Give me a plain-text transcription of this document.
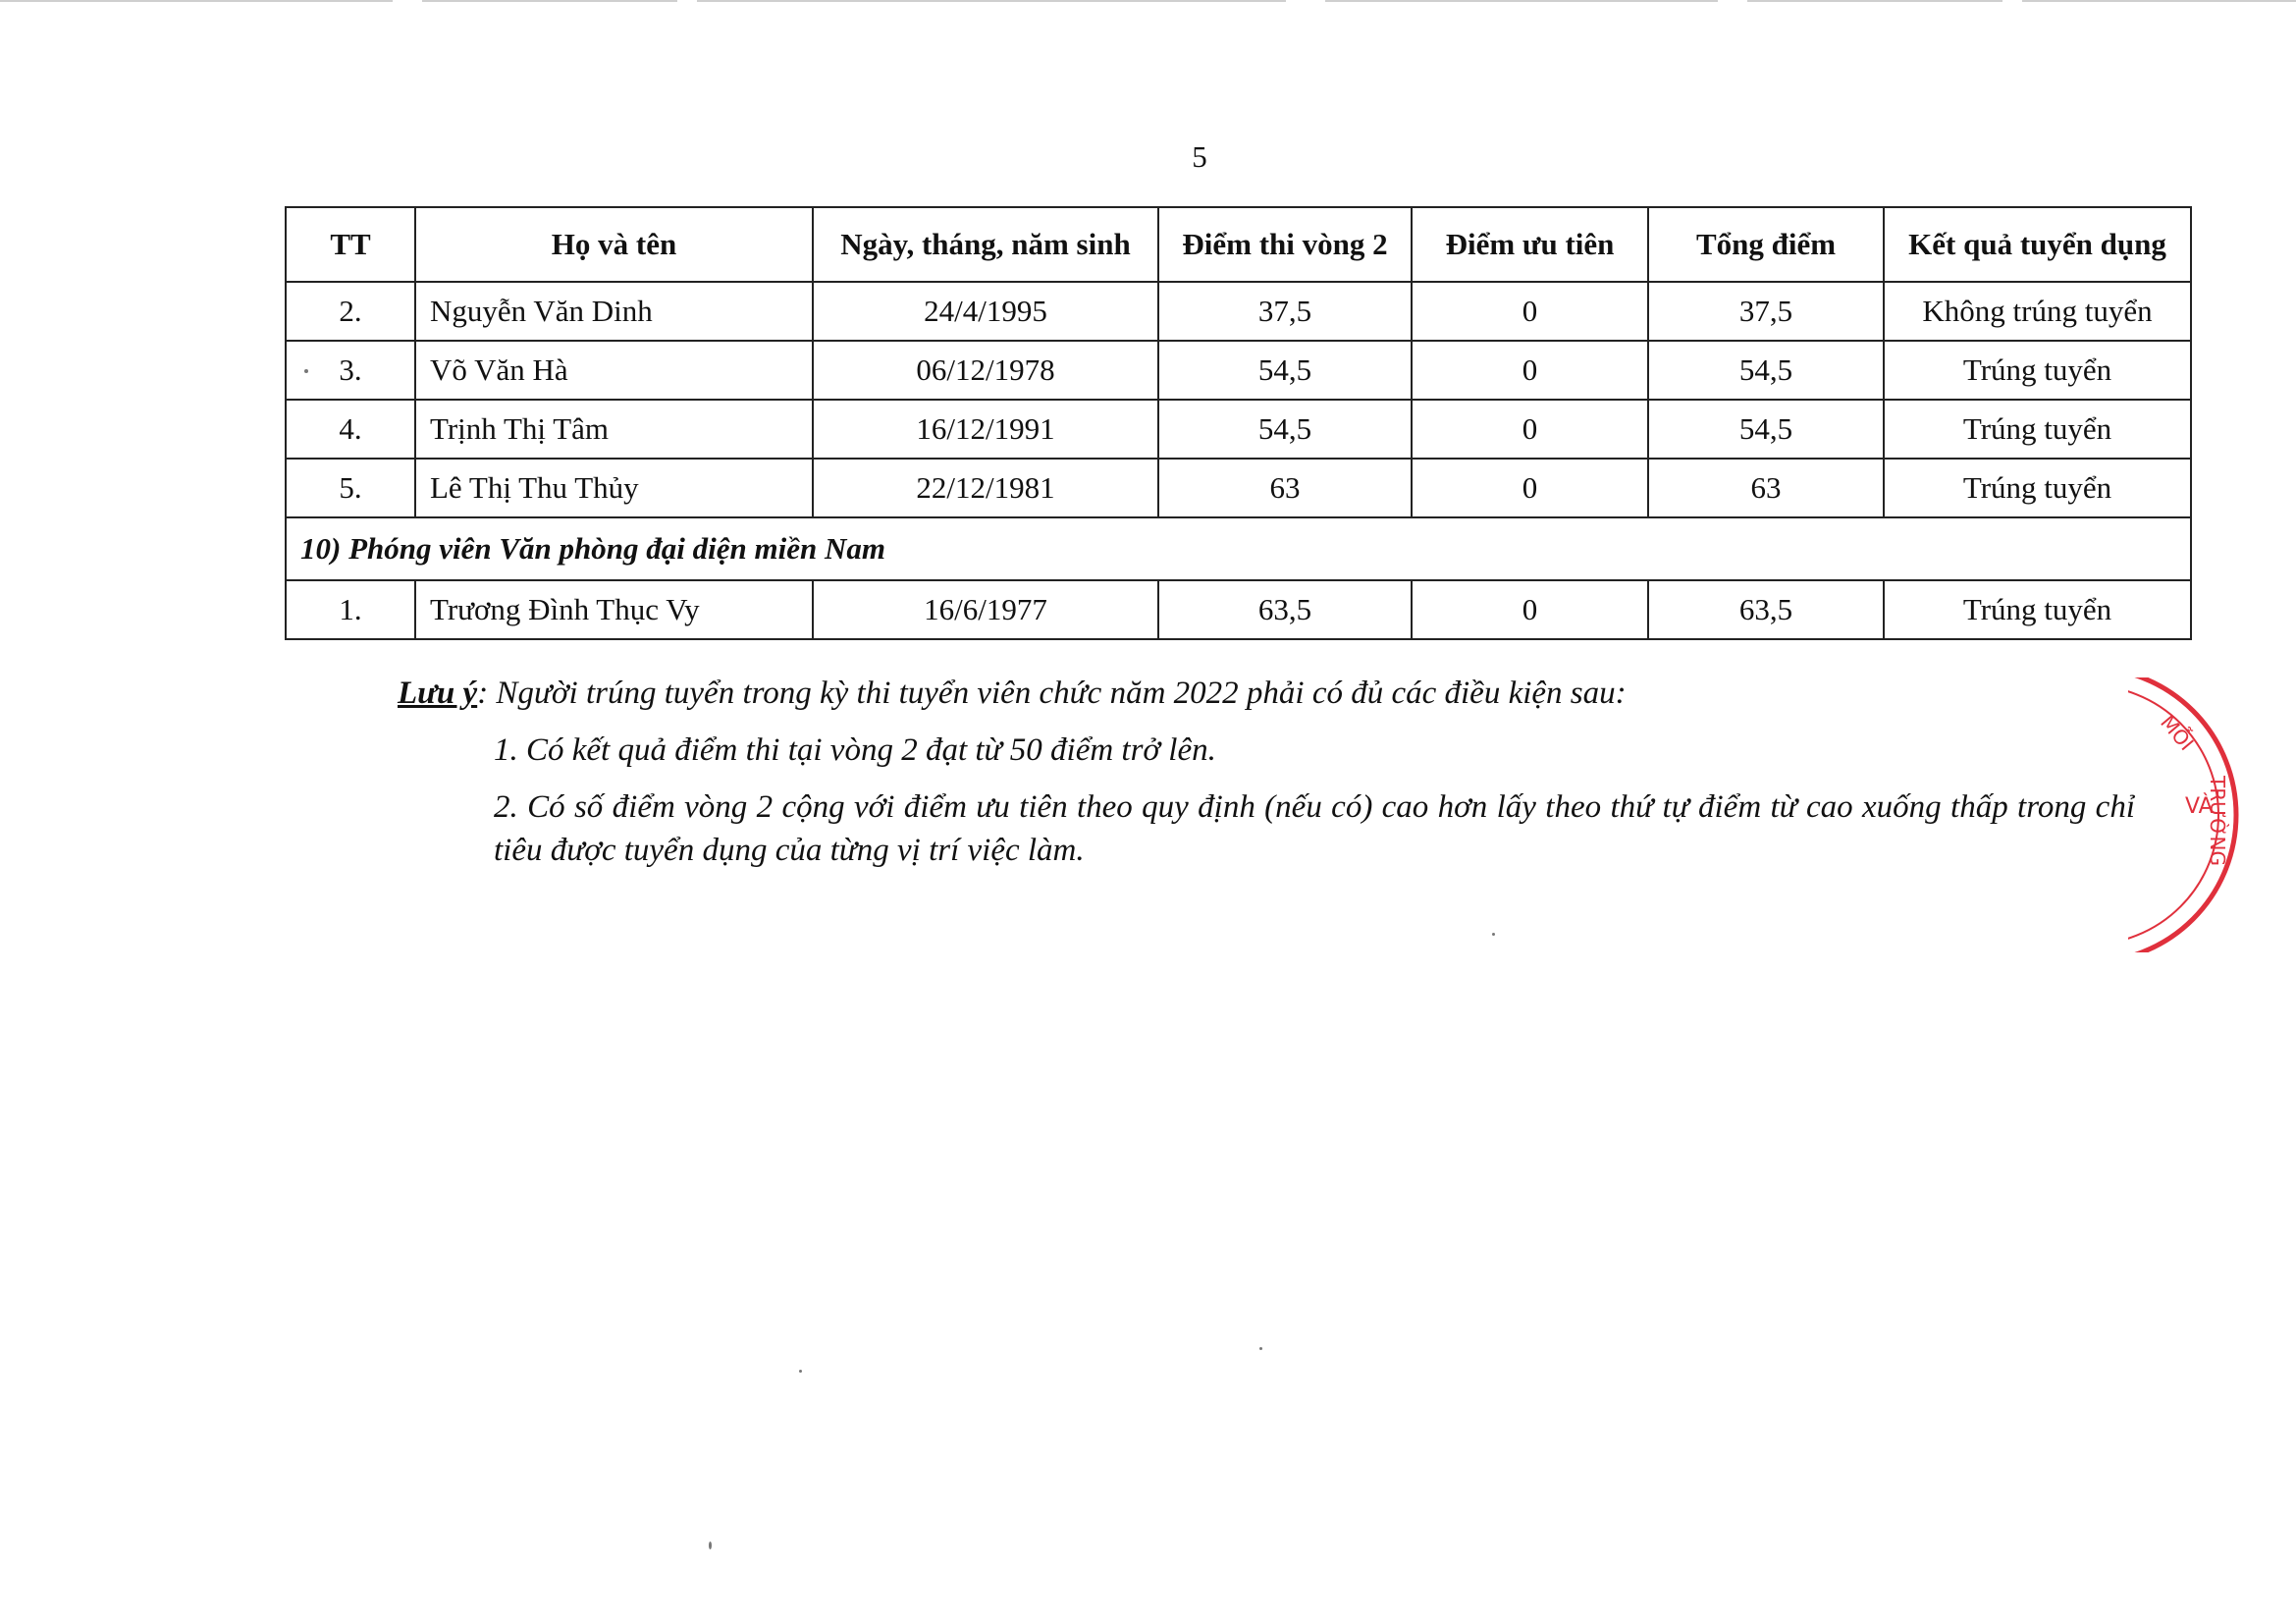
5
TT	Họ và tên	Ngày, tháng, năm sinh	Điểm thi vòng 2	Điểm ưu tiên	Tổng điểm	Kết quả tuyển dụng
2.	Nguyễn Văn Dinh	24/4/1995	37,5	0	37,5	Không trúng tuyển
3.	Võ Văn Hà	06/12/1978	54,5	0	54,5	Trúng tuyển
4.	Trịnh Thị Tâm	16/12/1991	54,5	0	54,5	Trúng tuyển
5.	Lê Thị Thu Thủy	22/12/1981	63	0	63	Trúng tuyển
10) Phóng viên Văn phòng đại diện miền Nam						
1.	Trương Đình Thục Vy	16/6/1977	63,5	0	63,5	Trúng tuyển

Lưu ý: Người trúng tuyển trong kỳ thi tuyển viên chức năm 2022 phải có đủ các điều kiện sau:

1. Có kết quả điểm thi tại vòng 2 đạt từ 50 điểm trở lên.

2. Có số điểm vòng 2 cộng với điểm ưu tiên theo quy định (nếu có) cao hơn lấy theo thứ tự điểm từ cao xuống thấp trong chỉ tiêu được tuyển dụng của từng vị trí việc làm.

MỖI
VÀ
TRƯỜNG
